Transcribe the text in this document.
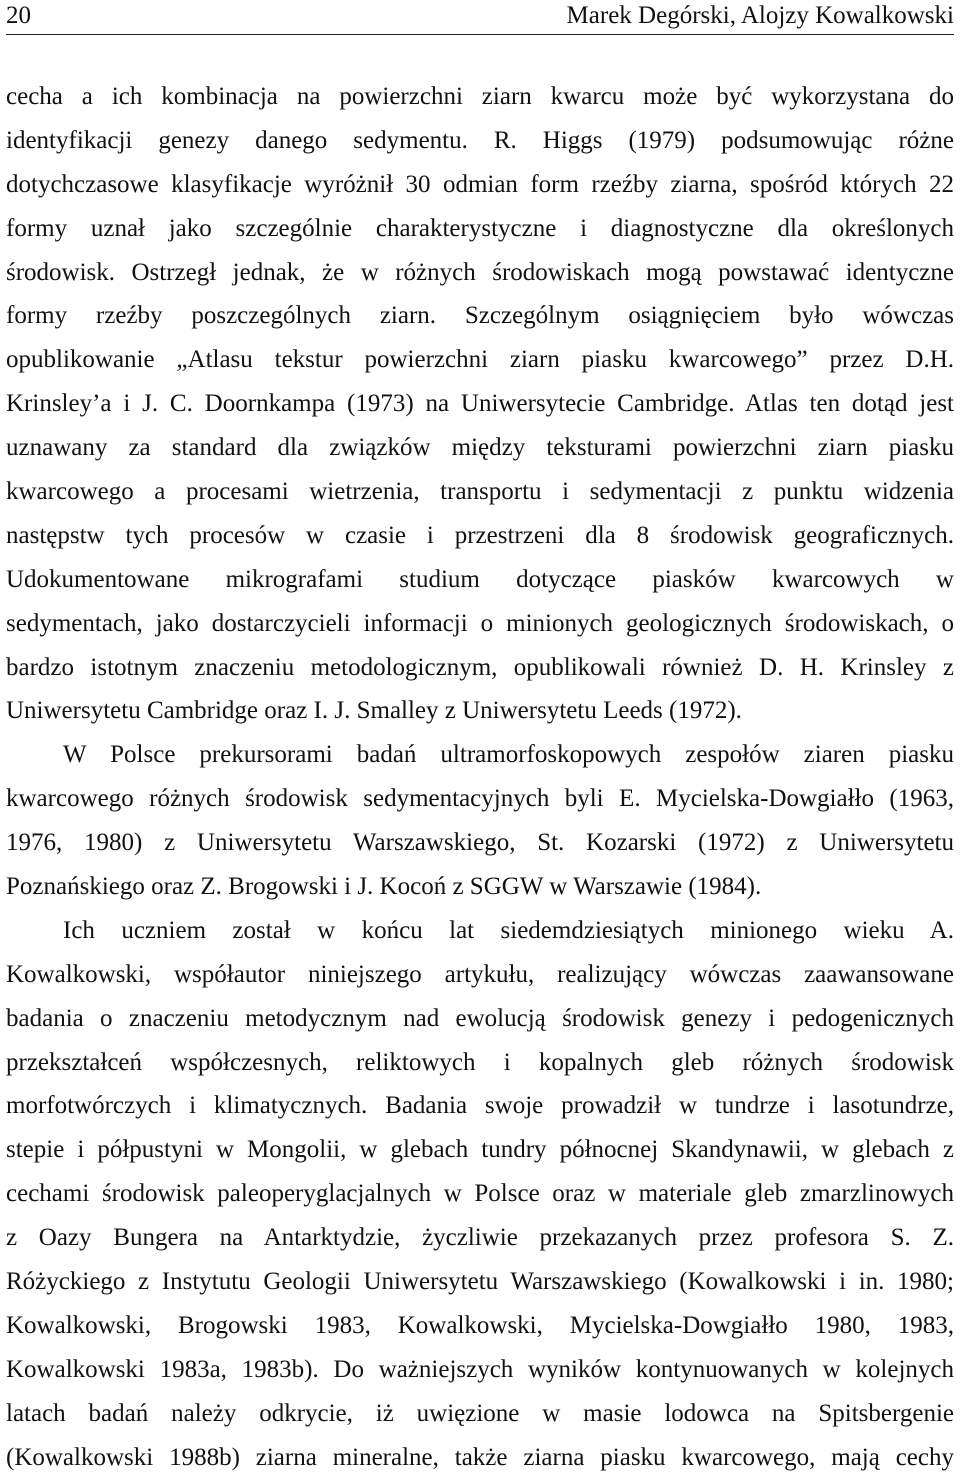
20	Marek Degórski, Alojzy Kowalkowski

cecha a ich kombinacja na powierzchni ziarn kwarcu może być wykorzystana do
identyfikacji genezy danego sedymentu. R. Higgs (1979) podsumowując różne
dotychczasowe klasyfikacje wyróżnił 30 odmian form rzeźby ziarna, spośród których 22
formy uznał jako szczególnie charakterystyczne i diagnostyczne dla określonych
środowisk. Ostrzegł jednak, że w różnych środowiskach mogą powstawać identyczne
formy rzeźby poszczególnych ziarn. Szczególnym osiągnięciem było wówczas
opublikowanie „Atlasu tekstur powierzchni ziarn piasku kwarcowego” przez D.H.
Krinsley’a i J. C. Doornkampa (1973) na Uniwersytecie Cambridge. Atlas ten dotąd jest
uznawany za standard dla związków między teksturami powierzchni ziarn piasku
kwarcowego a procesami wietrzenia, transportu i sedymentacji z punktu widzenia
następstw tych procesów w czasie i przestrzeni dla 8 środowisk geograficznych.
Udokumentowane mikrografami studium dotyczące piasków kwarcowych w
sedymentach, jako dostarczycieli informacji o minionych geologicznych środowiskach, o
bardzo istotnym znaczeniu metodologicznym, opublikowali również D. H. Krinsley z
Uniwersytetu Cambridge oraz I. J. Smalley z Uniwersytetu Leeds (1972).

W Polsce prekursorami badań ultramorfoskopowych zespołów ziaren piasku
kwarcowego różnych środowisk sedymentacyjnych byli E. Mycielska-Dowgiałło (1963,
1976, 1980) z Uniwersytetu Warszawskiego, St. Kozarski (1972) z Uniwersytetu
Poznańskiego oraz Z. Brogowski i J. Kocoń z SGGW w Warszawie (1984).

Ich uczniem został w końcu lat siedemdziesiątych minionego wieku A.
Kowalkowski, współautor niniejszego artykułu, realizujący wówczas zaawansowane
badania o znaczeniu metodycznym nad ewolucją środowisk genezy i pedogenicznych
przekształceń współczesnych, reliktowych i kopalnych gleb różnych środowisk
morfotwórczych i klimatycznych. Badania swoje prowadził w tundrze i lasotundrze,
stepie i półpustyni w Mongolii, w glebach tundry północnej Skandynawii, w glebach z
cechami środowisk paleoperyglacjalnych w Polsce oraz w materiale gleb zmarzlinowych
z Oazy Bungera na Antarktydzie, życzliwie przekazanych przez profesora S. Z.
Różyckiego z Instytutu Geologii Uniwersytetu Warszawskiego (Kowalkowski i in. 1980;
Kowalkowski, Brogowski 1983, Kowalkowski, Mycielska-Dowgiałło 1980, 1983,
Kowalkowski 1983a, 1983b). Do ważniejszych wyników kontynuowanych w kolejnych
latach badań należy odkrycie, iż uwięzione w masie lodowca na Spitsbergenie
(Kowalkowski 1988b) ziarna mineralne, także ziarna piasku kwarcowego, mają cechy
